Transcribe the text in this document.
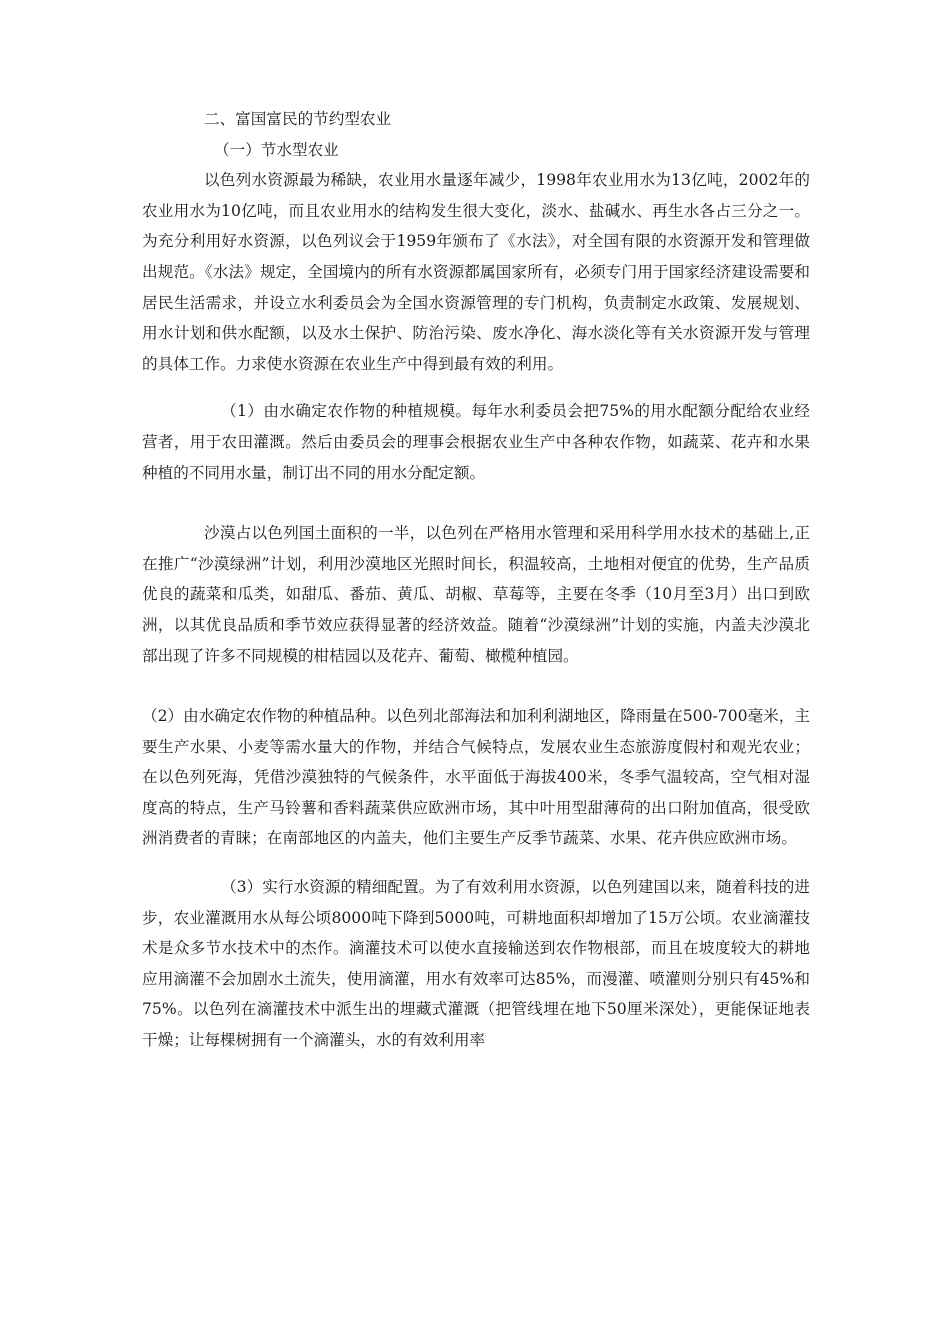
二、富国富民的节约型农业

（一）节水型农业

以色列水资源最为稀缺，农业用水量逐年减少，1998年农业用水为13亿吨，2002年的农业用水为10亿吨，而且农业用水的结构发生很大变化，淡水、盐碱水、再生水各占三分之一。为充分利用好水资源，以色列议会于1959年颁布了《水法》，对全国有限的水资源开发和管理做出规范。《水法》规定，全国境内的所有水资源都属国家所有，必须专门用于国家经济建设需要和居民生活需求，并设立水利委员会为全国水资源管理的专门机构，负责制定水政策、发展规划、用水计划和供水配额，以及水土保护、防治污染、废水净化、海水淡化等有关水资源开发与管理的具体工作。力求使水资源在农业生产中得到最有效的利用。

（1）由水确定农作物的种植规模。每年水利委员会把75%的用水配额分配给农业经营者，用于农田灌溉。然后由委员会的理事会根据农业生产中各种农作物，如蔬菜、花卉和水果种植的不同用水量，制订出不同的用水分配定额。

沙漠占以色列国土面积的一半，以色列在严格用水管理和采用科学用水技术的基础上,正在推广“沙漠绿洲”计划，利用沙漠地区光照时间长，积温较高，土地相对便宜的优势，生产品质优良的蔬菜和瓜类，如甜瓜、番茄、黄瓜、胡椒、草莓等，主要在冬季（10月至3月）出口到欧洲，以其优良品质和季节效应获得显著的经济效益。随着“沙漠绿洲”计划的实施，内盖夫沙漠北部出现了许多不同规模的柑桔园以及花卉、葡萄、橄榄种植园。

（2）由水确定农作物的种植品种。以色列北部海法和加利利湖地区，降雨量在500-700毫米，主要生产水果、小麦等需水量大的作物，并结合气候特点，发展农业生态旅游度假村和观光农业；在以色列死海，凭借沙漠独特的气候条件，水平面低于海拔400米，冬季气温较高，空气相对湿度高的特点，生产马铃薯和香料蔬菜供应欧洲市场，其中叶用型甜薄荷的出口附加值高，很受欧洲消费者的青睐；在南部地区的内盖夫，他们主要生产反季节蔬菜、水果、花卉供应欧洲市场。

（3）实行水资源的精细配置。为了有效利用水资源，以色列建国以来，随着科技的进步，农业灌溉用水从每公顷8000吨下降到5000吨，可耕地面积却增加了15万公顷。农业滴灌技术是众多节水技术中的杰作。滴灌技术可以使水直接输送到农作物根部，而且在坡度较大的耕地应用滴灌不会加剧水土流失，使用滴灌，用水有效率可达85%，而漫灌、喷灌则分别只有45%和75%。以色列在滴灌技术中派生出的埋藏式灌溉（把管线埋在地下50厘米深处），更能保证地表干燥；让每棵树拥有一个滴灌头，水的有效利用率
